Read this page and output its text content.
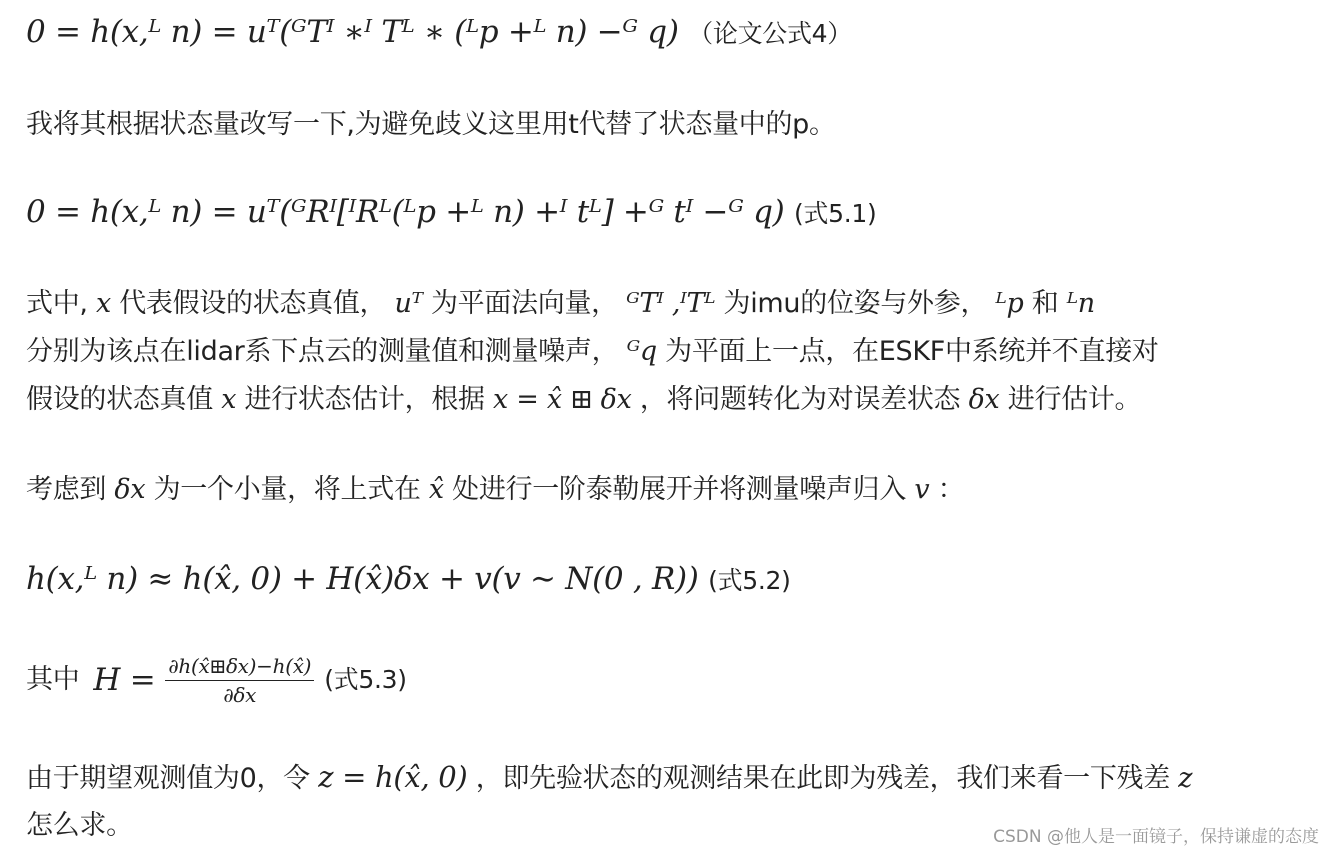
0 = h(x,ᴸ n) = uᵀ(ᴳTᴵ ∗ᴵ Tᴸ ∗ (ᴸp +ᴸ n) −ᴳ q) （论文公式4）
我将其根据状态量改写一下,为避免歧义这里用t代替了状态量中的p。
0 = h(x,ᴸ n) = uᵀ(ᴳRᴵ[ᴵRᴸ(ᴸp +ᴸ n) +ᴵ tᴸ] +ᴳ tᴵ −ᴳ q) (式5.1)
式中, x 代表假设的状态真值， uᵀ 为平面法向量， ᴳTᴵ ,ᴵTᴸ 为imu的位姿与外参， ᴸp 和 ᴸn
分别为该点在lidar系下点云的测量值和测量噪声， ᴳq 为平面上一点，在ESKF中系统并不直接对
假设的状态真值 x 进行状态估计，根据 x = x̂ ⊞ δx ，将问题转化为对误差状态 δx 进行估计。
考虑到 δx 为一个小量，将上式在 x̂ 处进行一阶泰勒展开并将测量噪声归入 v ：
h(x,ᴸ n) ≈ h(x̂, 0) + H(x̂)δx + v(v ∼ N(0 , R)) (式5.2)
其中 $H = \frac{\partial h(x̂⊞\delta x)-h(x̂)}{\partial\delta x}$ (式5.3)
由于期望观测值为0，令 z = h(x̂, 0) ，即先验状态的观测结果在此即为残差，我们来看一下残差 z
怎么求。	CSDN @他人是一面镜子，保持谦虚的态度
